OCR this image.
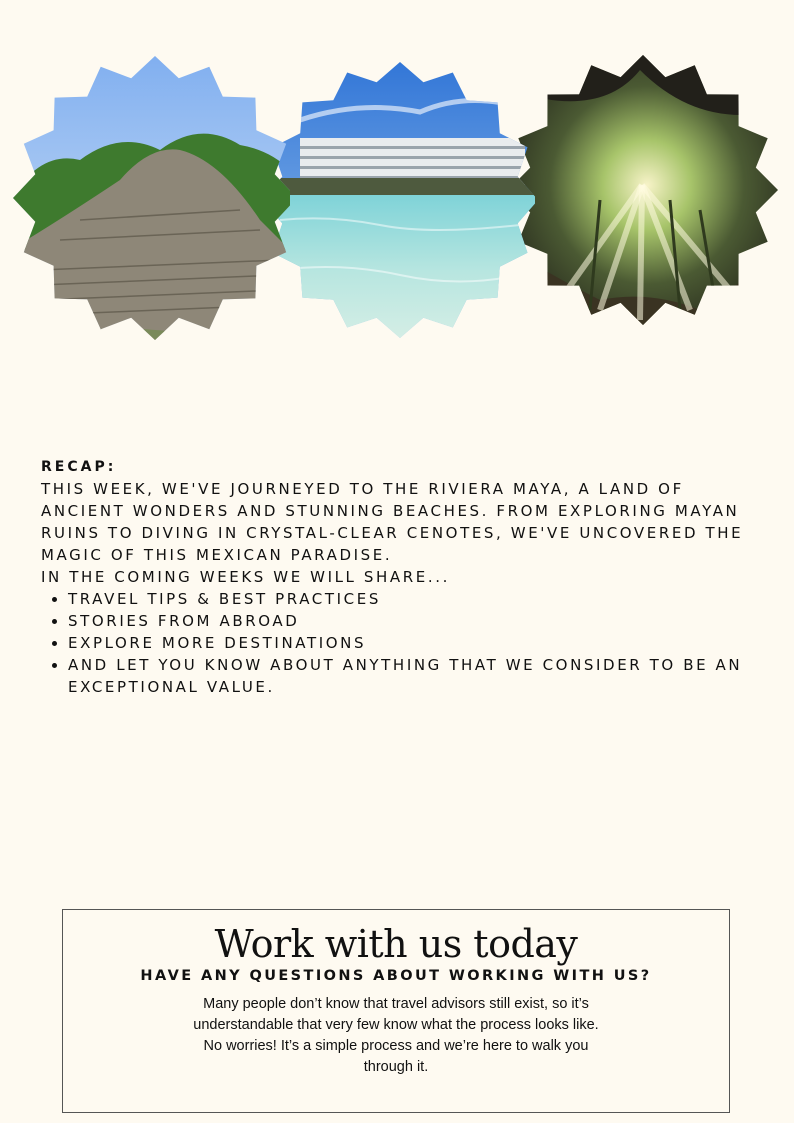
RECAP:

THIS WEEK, WE'VE JOURNEYED TO THE RIVIERA MAYA, A LAND OF ANCIENT WONDERS AND STUNNING BEACHES. FROM EXPLORING MAYAN RUINS TO DIVING IN CRYSTAL-CLEAR CENOTES, WE'VE UNCOVERED THE MAGIC OF THIS MEXICAN PARADISE.

IN THE COMING WEEKS WE WILL SHARE...

• TRAVEL TIPS & BEST PRACTICES
• STORIES FROM ABROAD
• EXPLORE MORE DESTINATIONS
• AND LET YOU KNOW ABOUT ANYTHING THAT WE CONSIDER TO BE AN EXCEPTIONAL VALUE.
Work with us today
HAVE ANY QUESTIONS ABOUT WORKING WITH US?

Many people don’t know that travel advisors still exist, so it’s understandable that very few know what the process looks like.

No worries! It’s a simple process and we’re here to walk you through it.
